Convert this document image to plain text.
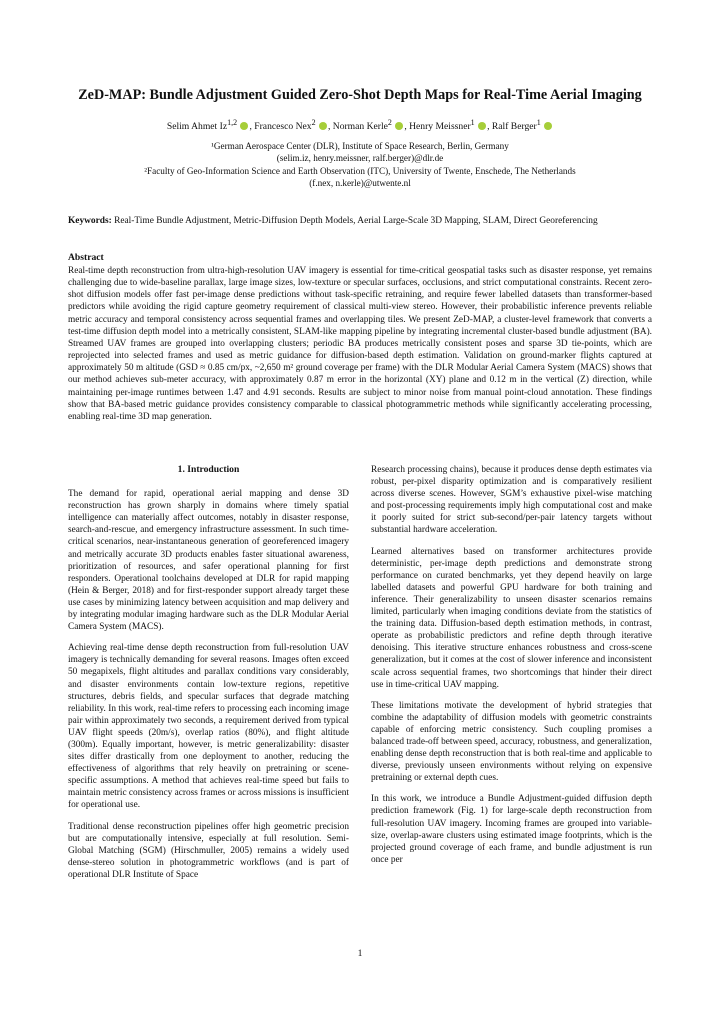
ZeD-MAP: Bundle Adjustment Guided Zero-Shot Depth Maps for Real-Time Aerial Imaging
Selim Ahmet Iz$^{1,2}$ , Francesco Nex$^2$ , Norman Kerle$^2$ , Henry Meissner$^1$ , Ralf Berger$^1$
¹German Aerospace Center (DLR), Institute of Space Research, Berlin, Germany
(selim.iz, henry.meissner, ralf.berger)@dlr.de
²Faculty of Geo-Information Science and Earth Observation (ITC), University of Twente, Enschede, The Netherlands
(f.nex, n.kerle)@utwente.nl
Keywords: Real-Time Bundle Adjustment, Metric-Diffusion Depth Models, Aerial Large-Scale 3D Mapping, SLAM, Direct Georeferencing
Abstract
Real-time depth reconstruction from ultra-high-resolution UAV imagery is essential for time-critical geospatial tasks such as disaster response, yet remains challenging due to wide-baseline parallax, large image sizes, low-texture or specular surfaces, occlusions, and strict computational constraints. Recent zero-shot diffusion models offer fast per-image dense predictions without task-specific retraining, and require fewer labelled datasets than transformer-based predictors while avoiding the rigid capture geometry requirement of classical multi-view stereo. However, their probabilistic inference prevents reliable metric accuracy and temporal consistency across sequential frames and overlapping tiles. We present ZeD-MAP, a cluster-level framework that converts a test-time diffusion depth model into a metrically consistent, SLAM-like mapping pipeline by integrating incremental cluster-based bundle adjustment (BA). Streamed UAV frames are grouped into overlapping clusters; periodic BA produces metrically consistent poses and sparse 3D tie-points, which are reprojected into selected frames and used as metric guidance for diffusion-based depth estimation. Validation on ground-marker flights captured at approximately 50 m altitude (GSD ≈ 0.85 cm/px, ~2,650 m² ground coverage per frame) with the DLR Modular Aerial Camera System (MACS) shows that our method achieves sub-meter accuracy, with approximately 0.87 m error in the horizontal (XY) plane and 0.12 m in the vertical (Z) direction, while maintaining per-image runtimes between 1.47 and 4.91 seconds. Results are subject to minor noise from manual point-cloud annotation. These findings show that BA-based metric guidance provides consistency comparable to classical photogrammetric methods while significantly accelerating processing, enabling real-time 3D map generation.
1. Introduction

The demand for rapid, operational aerial mapping and dense 3D reconstruction has grown sharply in domains where timely spatial intelligence can materially affect outcomes, notably in disaster response, search-and-rescue, and emergency infrastructure assessment. In such time-critical scenarios, near-instantaneous generation of georeferenced imagery and metrically accurate 3D products enables faster situational awareness, prioritization of resources, and safer operational planning for first responders. Operational toolchains developed at DLR for rapid mapping (Hein & Berger, 2018) and for first-responder support already target these use cases by minimizing latency between acquisition and map delivery and by integrating modular imaging hardware such as the DLR Modular Aerial Camera System (MACS).

Achieving real-time dense depth reconstruction from full-resolution UAV imagery is technically demanding for several reasons. Images often exceed 50 megapixels, flight altitudes and parallax conditions vary considerably, and disaster environments contain low-texture regions, repetitive structures, debris fields, and specular surfaces that degrade matching reliability. In this work, real-time refers to processing each incoming image pair within approximately two seconds, a requirement derived from typical UAV flight speeds (20m/s), overlap ratios (80%), and flight altitude (300m). Equally important, however, is metric generalizability: disaster sites differ drastically from one deployment to another, reducing the effectiveness of algorithms that rely heavily on pretraining or scene-specific assumptions. A method that achieves real-time speed but fails to maintain metric consistency across frames or across missions is insufficient for operational use.

Traditional dense reconstruction pipelines offer high geometric precision but are computationally intensive, especially at full resolution. Semi-Global Matching (SGM) (Hirschmuller, 2005) remains a widely used dense-stereo solution in photogrammetric workflows (and is part of operational DLR Institute of Space

Research processing chains), because it produces dense depth estimates via robust, per-pixel disparity optimization and is comparatively resilient across diverse scenes. However, SGM’s exhaustive pixel-wise matching and post-processing requirements imply high computational cost and make it poorly suited for strict sub-second/per-pair latency targets without substantial hardware acceleration.

Learned alternatives based on transformer architectures provide deterministic, per-image depth predictions and demonstrate strong performance on curated benchmarks, yet they depend heavily on large labelled datasets and powerful GPU hardware for both training and inference. Their generalizability to unseen disaster scenarios remains limited, particularly when imaging conditions deviate from the statistics of the training data. Diffusion-based depth estimation methods, in contrast, operate as probabilistic predictors and refine depth through iterative denoising. This iterative structure enhances robustness and cross-scene generalization, but it comes at the cost of slower inference and inconsistent scale across sequential frames, two shortcomings that hinder their direct use in time-critical UAV mapping.

These limitations motivate the development of hybrid strategies that combine the adaptability of diffusion models with geometric constraints capable of enforcing metric consistency. Such coupling promises a balanced trade-off between speed, accuracy, robustness, and generalization, enabling dense depth reconstruction that is both real-time and applicable to diverse, previously unseen environments without relying on expensive pretraining or external depth cues.

In this work, we introduce a Bundle Adjustment-guided diffusion depth prediction framework (Fig. 1) for large-scale depth reconstruction from full-resolution UAV imagery. Incoming frames are grouped into variable-size, overlap-aware clusters using estimated image footprints, which is the projected ground coverage of each frame, and bundle adjustment is run once per

1
